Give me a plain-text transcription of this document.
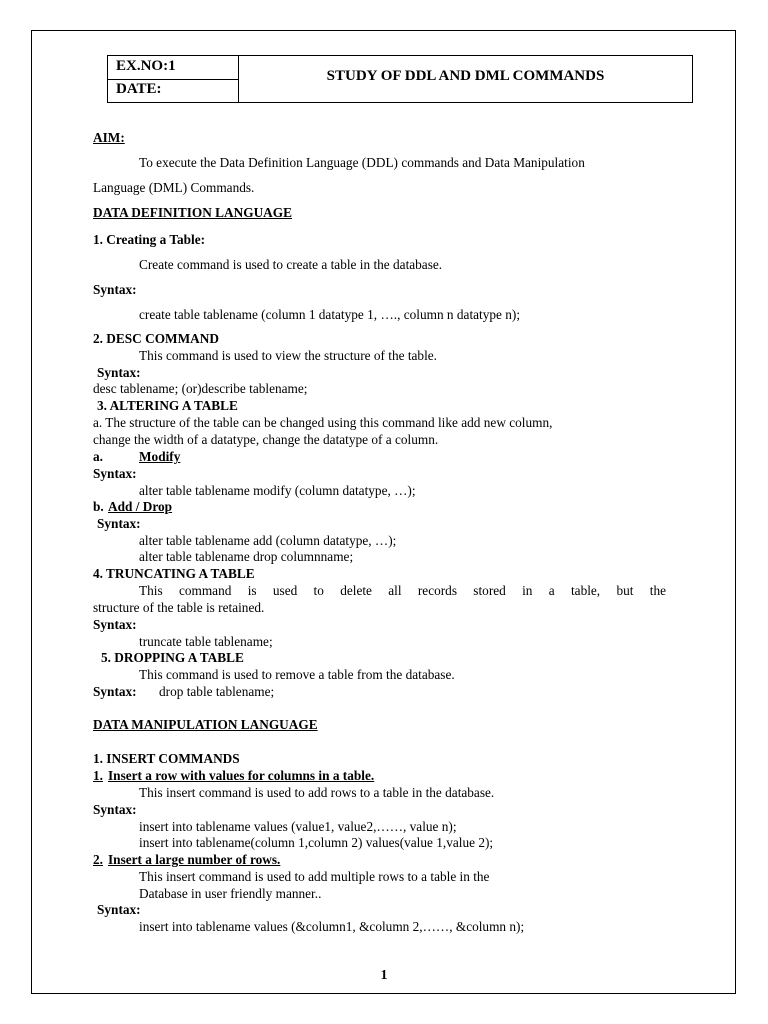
EX.NO:1
DATE:
STUDY OF DDL AND DML COMMANDS
AIM:
To execute the Data Definition Language (DDL) commands and Data Manipulation
Language (DML) Commands.
DATA DEFINITION LANGUAGE
1. Creating a Table:
Create command is used to create a table in the database.
Syntax:
create table tablename (column 1 datatype 1, …., column n datatype n);
2. DESC COMMAND
This command is used to view the structure of the table.
Syntax:
desc tablename; (or)describe tablename;
3. ALTERING A TABLE
a. The structure of the table can be changed using this command like add new column,
change the width of a datatype, change the datatype of a column.
a.	Modify
Syntax:
alter table tablename modify (column datatype, …);
b. Add / Drop
Syntax:
alter table tablename add (column datatype, …);
alter table tablename drop columnname;
4. TRUNCATING A TABLE
This command is used to delete all records stored in a table, but the
structure of the table is retained.
Syntax:
truncate table tablename;
5. DROPPING A TABLE
This command is used to remove a table from the database.
Syntax: drop table tablename;
DATA MANIPULATION LANGUAGE
1. INSERT COMMANDS
1. Insert a row with values for columns in a table.
This insert command is used to add rows to a table in the database.
Syntax:
insert into tablename values (value1, value2,……, value n);
insert into tablename(column 1,column 2) values(value 1,value 2);
2. Insert a large number of rows.
This insert command is used to add multiple rows to a table in the
Database in user friendly manner..
Syntax:
insert into tablename values (&column1, &column 2,……, &column n);
1
